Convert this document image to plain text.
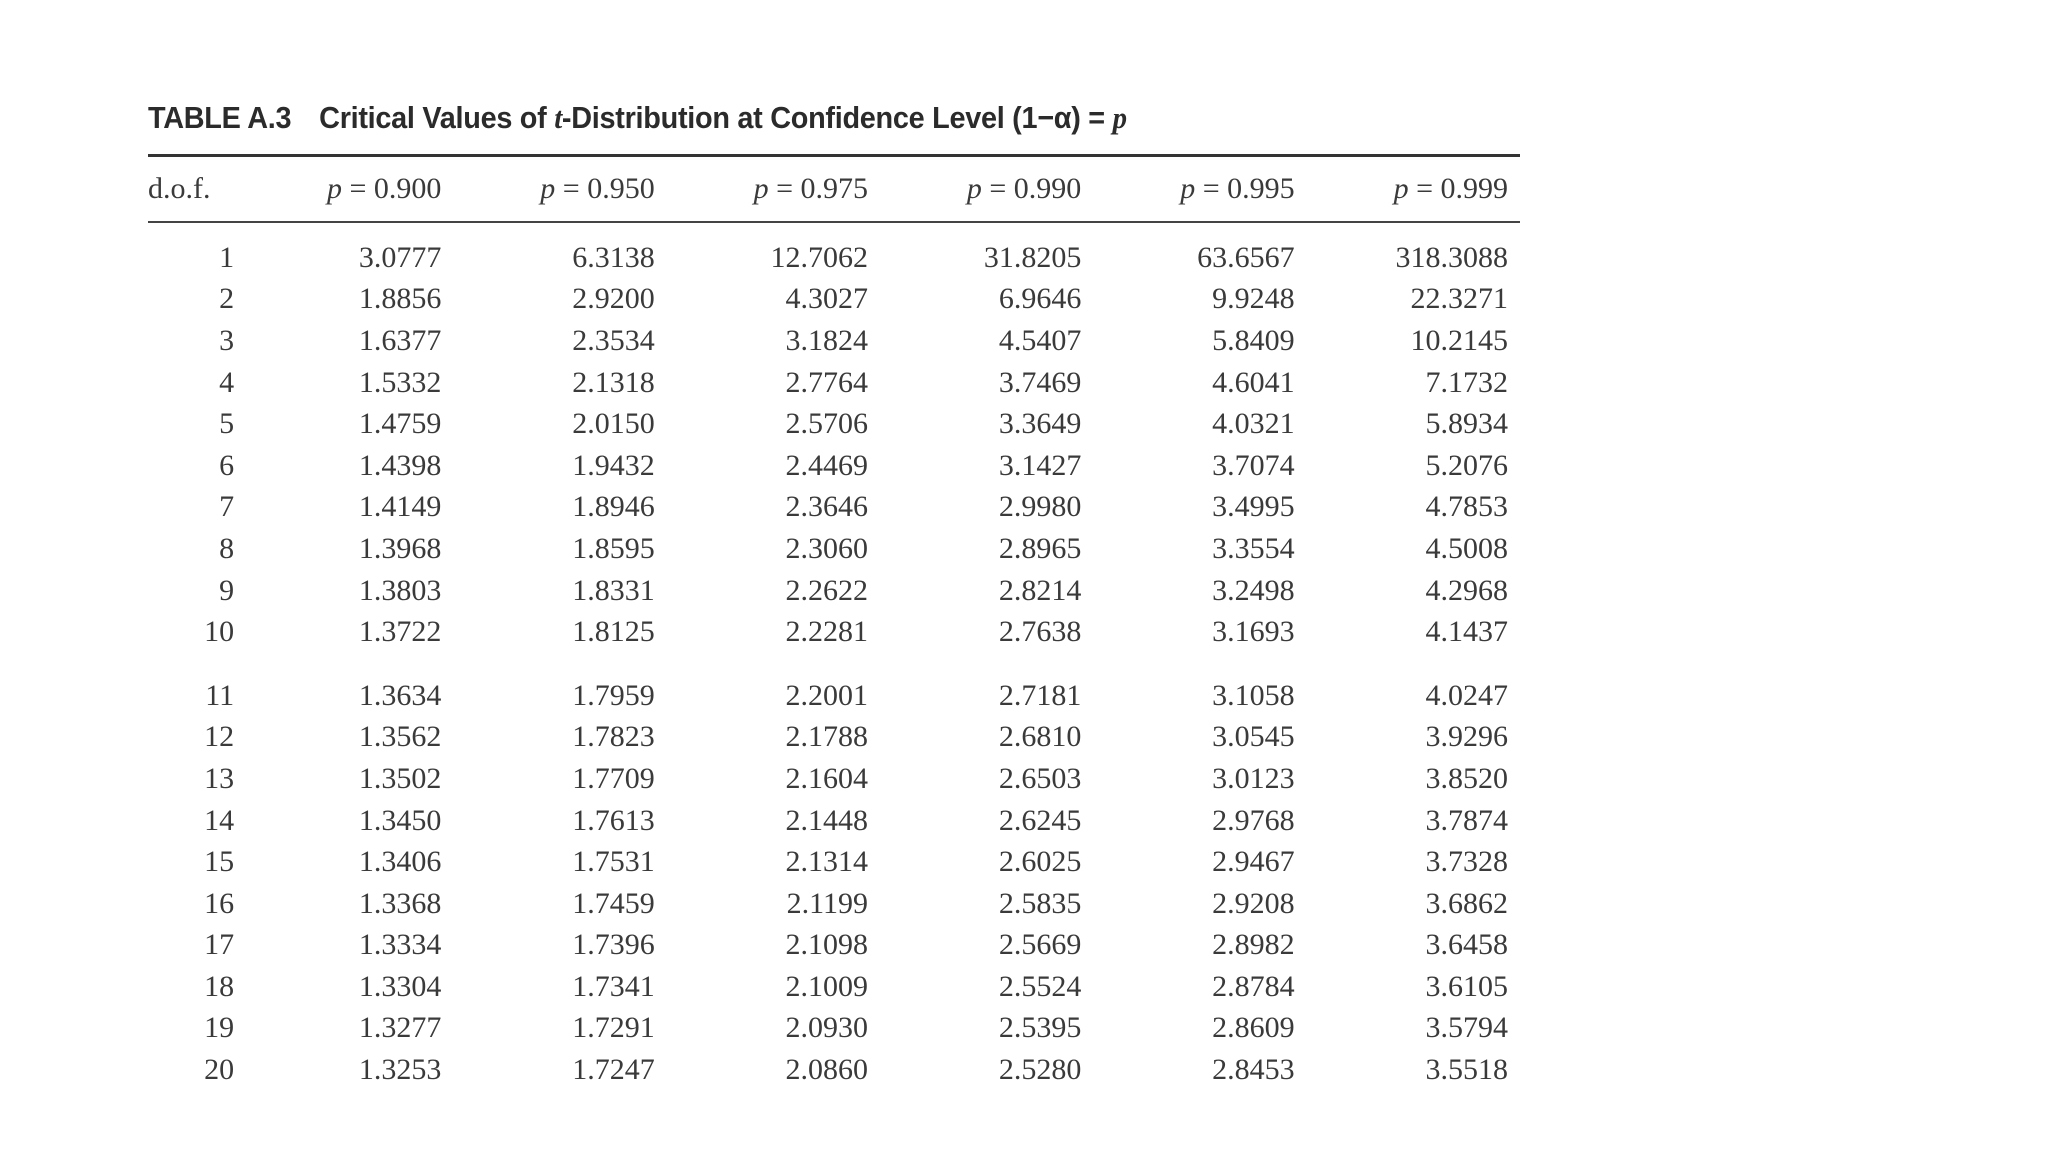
TABLE A.3 Critical Values of t-Distribution at Confidence Level (1−α) = p
d.o.f.	p = 0.900	p = 0.950	p = 0.975	p = 0.990	p = 0.995	p = 0.999
1	3.0777	6.3138	12.7062	31.8205	63.6567	318.3088
2	1.8856	2.9200	4.3027	6.9646	9.9248	22.3271
3	1.6377	2.3534	3.1824	4.5407	5.8409	10.2145
4	1.5332	2.1318	2.7764	3.7469	4.6041	7.1732
5	1.4759	2.0150	2.5706	3.3649	4.0321	5.8934
6	1.4398	1.9432	2.4469	3.1427	3.7074	5.2076
7	1.4149	1.8946	2.3646	2.9980	3.4995	4.7853
8	1.3968	1.8595	2.3060	2.8965	3.3554	4.5008
9	1.3803	1.8331	2.2622	2.8214	3.2498	4.2968
10	1.3722	1.8125	2.2281	2.7638	3.1693	4.1437
11	1.3634	1.7959	2.2001	2.7181	3.1058	4.0247
12	1.3562	1.7823	2.1788	2.6810	3.0545	3.9296
13	1.3502	1.7709	2.1604	2.6503	3.0123	3.8520
14	1.3450	1.7613	2.1448	2.6245	2.9768	3.7874
15	1.3406	1.7531	2.1314	2.6025	2.9467	3.7328
16	1.3368	1.7459	2.1199	2.5835	2.9208	3.6862
17	1.3334	1.7396	2.1098	2.5669	2.8982	3.6458
18	1.3304	1.7341	2.1009	2.5524	2.8784	3.6105
19	1.3277	1.7291	2.0930	2.5395	2.8609	3.5794
20	1.3253	1.7247	2.0860	2.5280	2.8453	3.5518
